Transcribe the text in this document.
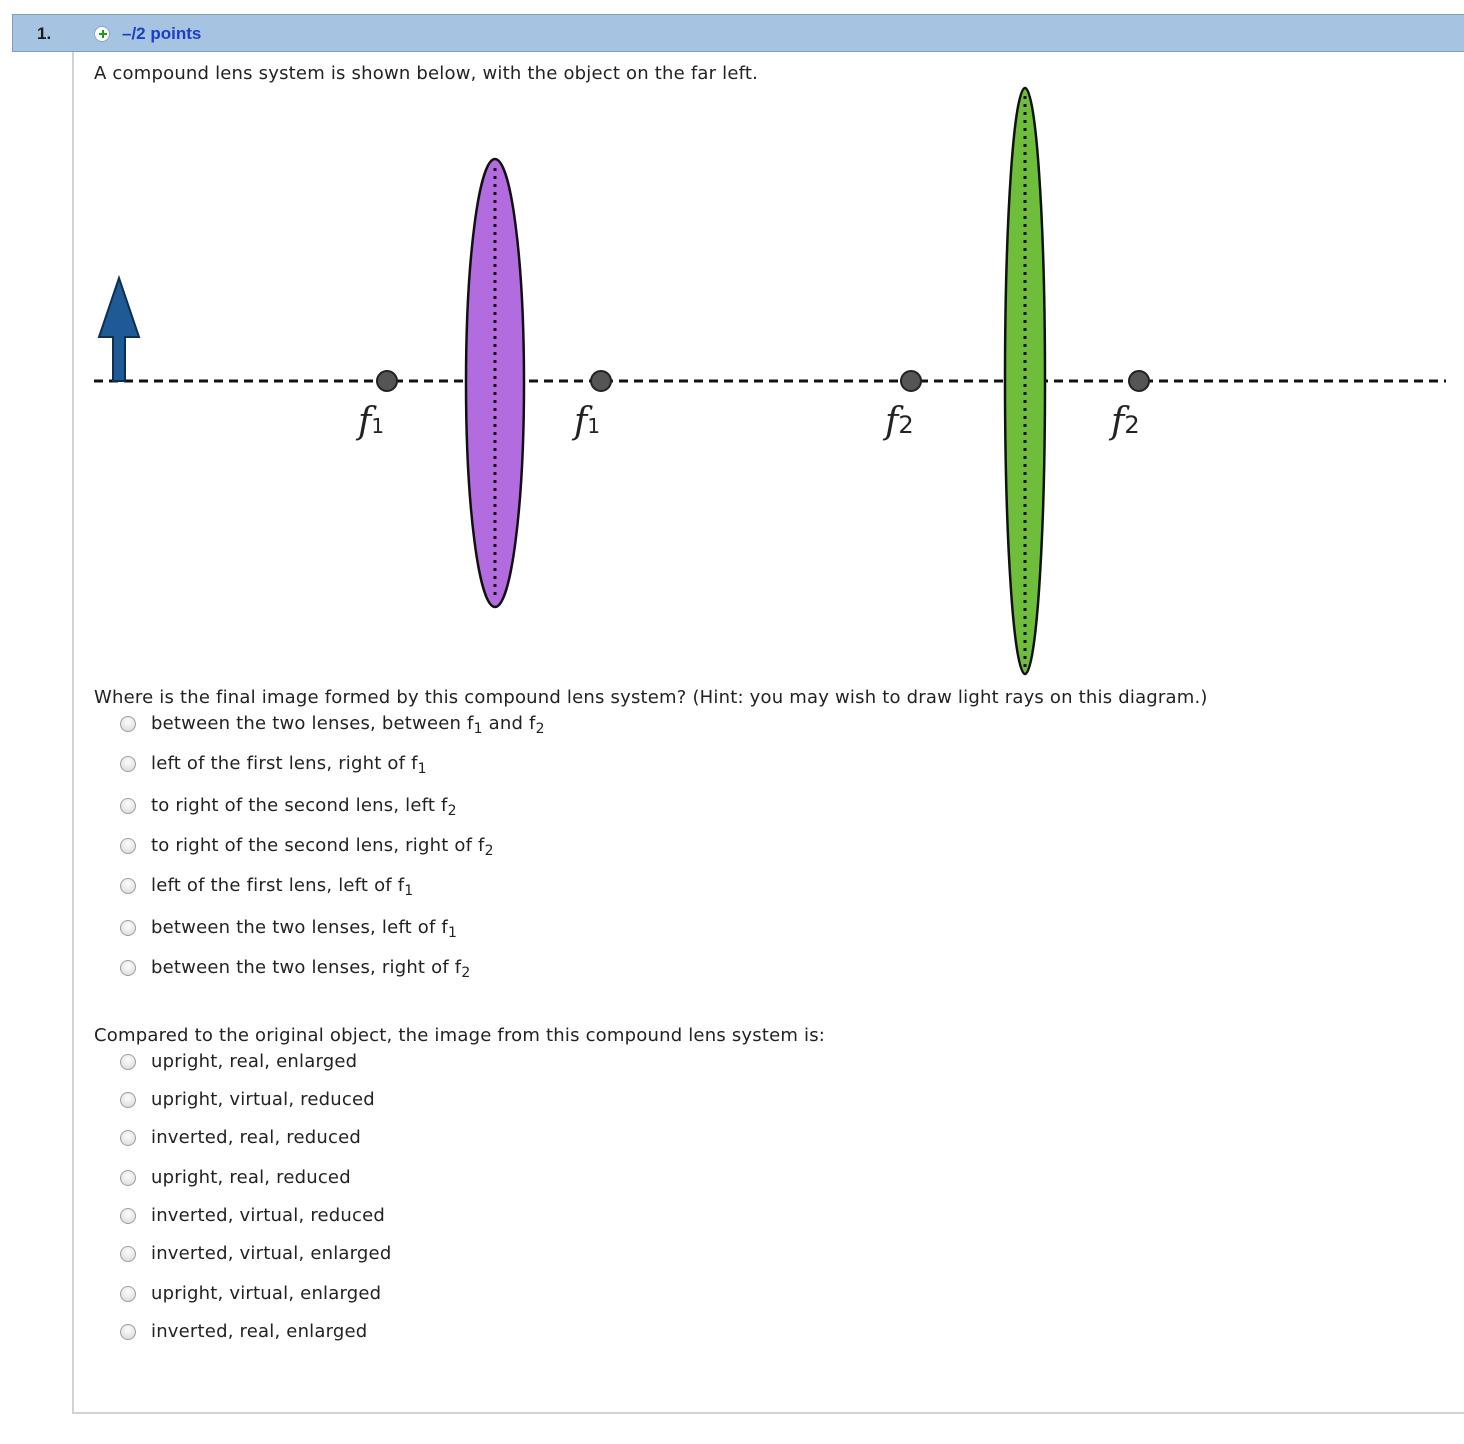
1.	–/2 points
A compound lens system is shown below, with the object on the far left.
f1	f1	f2	f2
Where is the final image formed by this compound lens system? (Hint: you may wish to draw light rays on this diagram.)
between the two lenses, between $f_1$ and $f_2$
left of the first lens, right of $f_1$
to right of the second lens, left $f_2$
to right of the second lens, right of $f_2$
left of the first lens, left of $f_1$
between the two lenses, left of $f_1$
between the two lenses, right of $f_2$
Compared to the original object, the image from this compound lens system is:
upright, real, enlarged
upright, virtual, reduced
inverted, real, reduced
upright, real, reduced
inverted, virtual, reduced
inverted, virtual, enlarged
upright, virtual, enlarged
inverted, real, enlarged
